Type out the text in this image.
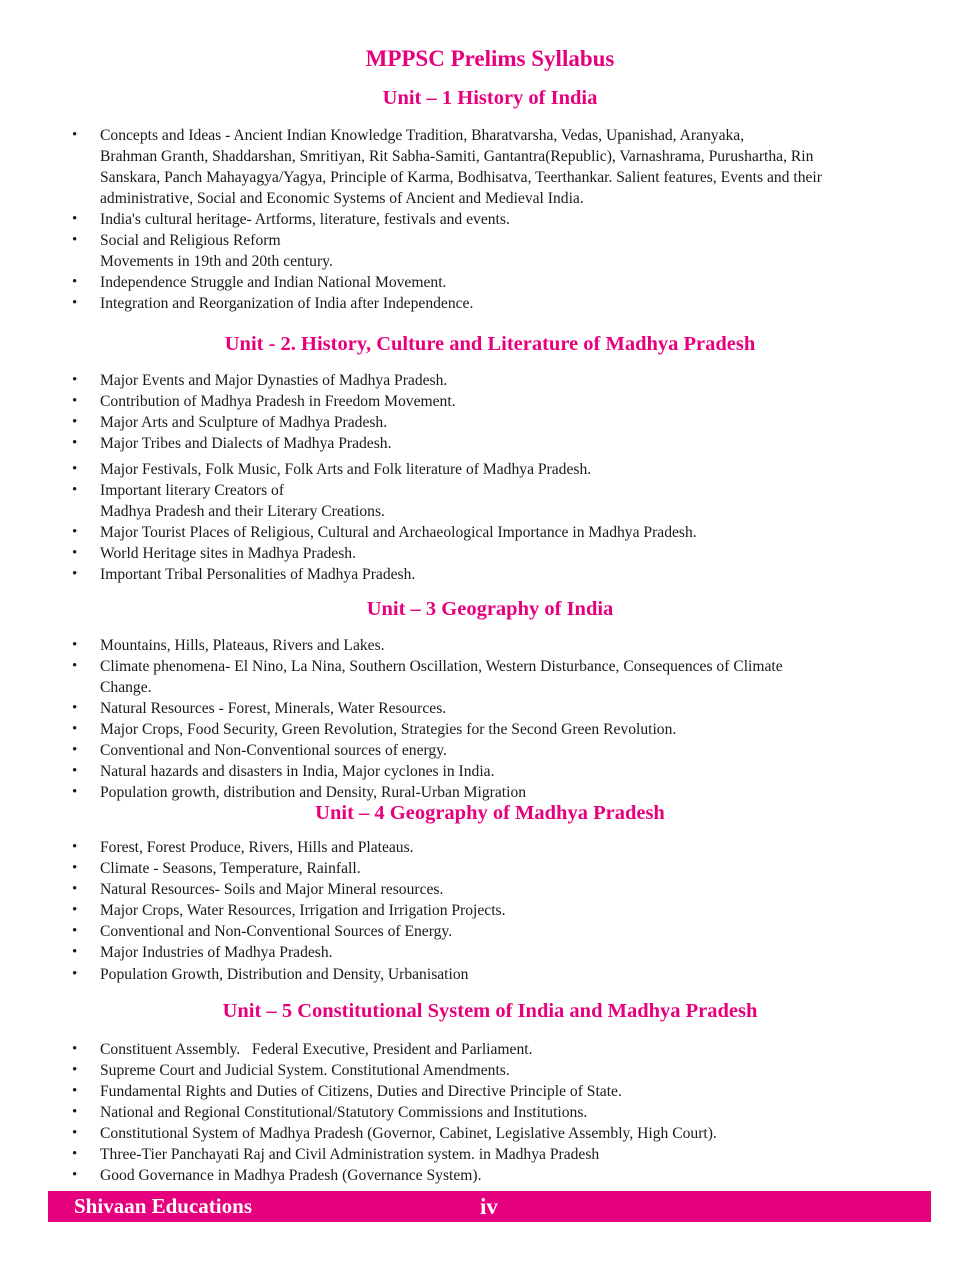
MPPSC Prelims Syllabus
Unit – 1 History of India
• Concepts and Ideas - Ancient Indian Knowledge Tradition, Bharatvarsha, Vedas, Upanishad, Aranyaka,
Brahman Granth, Shaddarshan, Smritiyan, Rit Sabha-Samiti, Gantantra(Republic), Varnashrama, Purushartha, Rin
Sanskara, Panch Mahayagya/Yagya, Principle of Karma, Bodhisatva, Teerthankar. Salient features, Events and their
administrative, Social and Economic Systems of Ancient and Medieval India.
• India's cultural heritage- Artforms, literature, festivals and events.
• Social and Religious Reform
Movements in 19th and 20th century.
• Independence Struggle and Indian National Movement.
• Integration and Reorganization of India after Independence.
Unit - 2. History, Culture and Literature of Madhya Pradesh
• Major Events and Major Dynasties of Madhya Pradesh.
• Contribution of Madhya Pradesh in Freedom Movement.
• Major Arts and Sculpture of Madhya Pradesh.
• Major Tribes and Dialects of Madhya Pradesh.
• Major Festivals, Folk Music, Folk Arts and Folk literature of Madhya Pradesh.
• Important literary Creators of
Madhya Pradesh and their Literary Creations.
• Major Tourist Places of Religious, Cultural and Archaeological Importance in Madhya Pradesh.
• World Heritage sites in Madhya Pradesh.
• Important Tribal Personalities of Madhya Pradesh.
Unit – 3 Geography of India
• Mountains, Hills, Plateaus, Rivers and Lakes.
• Climate phenomena- El Nino, La Nina, Southern Oscillation, Western Disturbance, Consequences of Climate
Change.
• Natural Resources - Forest, Minerals, Water Resources.
• Major Crops, Food Security, Green Revolution, Strategies for the Second Green Revolution.
• Conventional and Non-Conventional sources of energy.
• Natural hazards and disasters in India, Major cyclones in India.
• Population growth, distribution and Density, Rural-Urban Migration
Unit – 4 Geography of Madhya Pradesh
• Forest, Forest Produce, Rivers, Hills and Plateaus.
• Climate - Seasons, Temperature, Rainfall.
• Natural Resources- Soils and Major Mineral resources.
• Major Crops, Water Resources, Irrigation and Irrigation Projects.
• Conventional and Non-Conventional Sources of Energy.
• Major Industries of Madhya Pradesh.
• Population Growth, Distribution and Density, Urbanisation
Unit – 5 Constitutional System of India and Madhya Pradesh
• Constituent Assembly.   Federal Executive, President and Parliament.
• Supreme Court and Judicial System. Constitutional Amendments.
• Fundamental Rights and Duties of Citizens, Duties and Directive Principle of State.
• National and Regional Constitutional/Statutory Commissions and Institutions.
• Constitutional System of Madhya Pradesh (Governor, Cabinet, Legislative Assembly, High Court).
• Three-Tier Panchayati Raj and Civil Administration system. in Madhya Pradesh
• Good Governance in Madhya Pradesh (Governance System).
Shivaan Educations	iv
